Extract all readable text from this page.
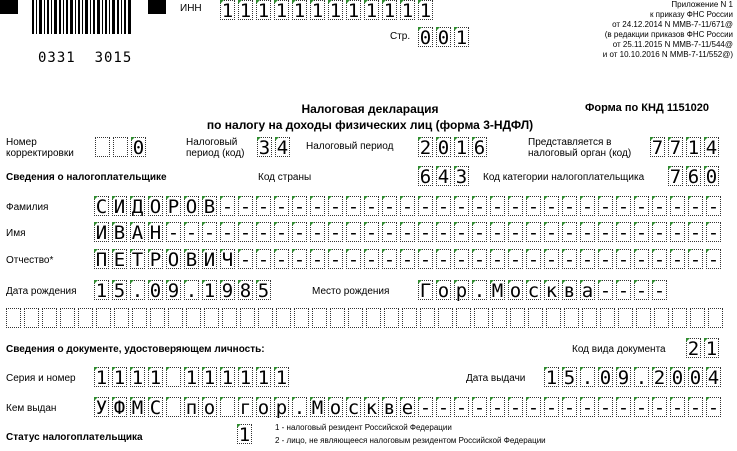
0331 3015
ИНН 1 1 1 1 1 1 1 1 1 1 1 1
Стр. 0 0 1
Приложение N 1
к приказу ФНС России
от 24.12.2014 N ММВ-7-11/671@
(в редакции приказов ФНС России
от 25.11.2015 N ММВ-7-11/544@
и от 10.10.2016 N ММВ-7-11/552@)
Налоговая декларация
по налогу на доходы физических лиц (форма 3-НДФЛ)
Форма по КНД 1151020
Номер корректировки	0	Налоговый период (код) 3 4 Налоговый период 2 0 1 6	Представляется в налоговый орган (код)	7 7 1 4
Сведения о налогоплательщике	Код страны	6 4 3 Код категории налогоплательщика 7 6 0
Фамилия С И Д О Р О В - - - - - - - - - - - - - - - - - - - - - - - - - - - -
Имя	И В А Н - - - - - - - - - - - - - - - - - - - - - - - - - - - - - - -
Отчество* П Е Т Р О В И Ч - - - - - - - - - - - - - - - - - - - - - - - - - - -
Дата рождения 1 5 . 0 9 . 1 9 8 5	Место рождения Г о р . М о с к в а - - - -
Сведения о документе, удостоверяющем личность:	Код вида документа 2 1
Серия и номер 1 1 1 1 1 1 1 1 1 1	Дата выдачи 1 5 . 0 9 . 2 0 0 4
Кем выдан У Ф М С п о г о р . М о с к в е - - - - - - - - - - - - - - - - -
Статус налогоплательщика	1	1 - налоговый резидент Российской Федерации
2 - лицо, не являющееся налоговым резидентом Российской Федерации
